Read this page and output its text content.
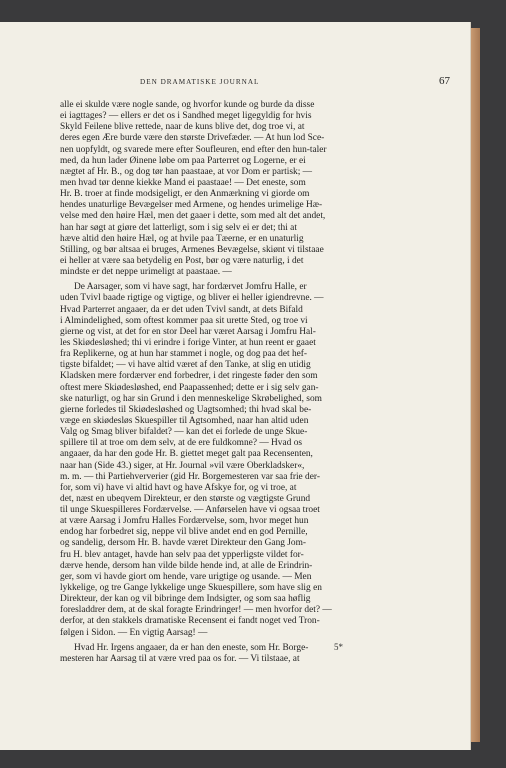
DEN DRAMATISKE JOURNAL	67
alle ei skulde være nogle sande, og hvorfor kunde og burde da disse
ei iagttages? — ellers er det os i Sandhed meget ligegyldig for hvis
Skyld Feilene blive rettede, naar de kuns blive det, dog troe vi, at
deres egen Ære burde være den største Drivefæder. — At hun lod Sce-
nen uopfyldt, og svarede mere efter Soufleuren, end efter den hun-taler
med, da hun lader Øinene løbe om paa Parterret og Logerne, er ei
nægtet af Hr. B., og dog tør han paastaae, at vor Dom er partisk; —
men hvad tør denne kiekke Mand ei paastaae! — Det eneste, som
Hr. B. troer at finde modsigeligt, er den Anmærkning vi giorde om
hendes unaturlige Bevægelser med Armene, og hendes urimelige Hæ-
velse med den høire Hæl, men det gaaer i dette, som med alt det andet,
han har søgt at giøre det latterligt, som i sig selv ei er det; thi at
hæve altid den høire Hæl, og at hvile paa Tæerne, er en unaturlig
Stilling, og bør altsaa ei bruges, Armenes Bevægelse, skiønt vi tilstaae
ei heller at være saa betydelig en Post, bør og være naturlig, i det
mindste er det neppe urimeligt at paastaae. —
De Aarsager, som vi have sagt, har fordærvet Jomfru Halle, er
uden Tvivl baade rigtige og vigtige, og bliver ei heller igiendrevne. —
Hvad Parterret angaaer, da er det uden Tvivl sandt, at dets Bifald
i Almindelighed, som oftest kommer paa sit urette Sted, og troe vi
gierne og vist, at det for en stor Deel har været Aarsag i Jomfru Hal-
les Skiødesløshed; thi vi erindre i forige Vinter, at hun reent er gaaet
fra Replikerne, og at hun har stammet i nogle, og dog paa det hef-
tigste bifaldet; — vi have altid været af den Tanke, at slig en utidig
Kladsken mere fordærver end forbedrer, i det ringeste føder den som
oftest mere Skiødesløshed, end Paapassenhed; dette er i sig selv gan-
ske naturligt, og har sin Grund i den menneskelige Skrøbelighed, som
gierne forledes til Skiødesløshed og Uagtsomhed; thi hvad skal be-
væge en skiødesløs Skuespiller til Agtsomhed, naar han altid uden
Valg og Smag bliver bifaldet? — kan det ei forlede de unge Skue-
spillere til at troe om dem selv, at de ere fuldkomne? — Hvad os
angaaer, da har den gode Hr. B. giettet meget galt paa Recensenten,
naar han (Side 43.) siger, at Hr. Journal »vil være Oberkladsker«,
m. m. — thi Partiehververier (gid Hr. Borgemesteren var saa frie der-
for, som vi) have vi altid havt og have Afskye for, og vi troe, at
det, næst en ubeqvem Direkteur, er den største og vægtigste Grund
til unge Skuespilleres Fordærvelse. — Anførselen have vi ogsaa troet
at være Aarsag i Jomfru Halles Fordærvelse, som, hvor meget hun
endog har forbedret sig, neppe vil blive andet end en god Pernille,
og sandelig, dersom Hr. B. havde været Direkteur den Gang Jom-
fru H. blev antaget, havde han selv paa det ypperligste vildet for-
dærve hende, dersom han vilde bilde hende ind, at alle de Erindrin-
ger, som vi havde giort om hende, vare urigtige og usande. — Men
lykkelige, og tre Gange lykkelige unge Skuespillere, som have slig en
Direkteur, der kan og vil bibringe dem Indsigter, og som saa høflig
foresladdrer dem, at de skal foragte Erindringer! — men hvorfor det? —
derfor, at den stakkels dramatiske Recensent ei fandt noget ved Tron-
følgen i Sidon. — En vigtig Aarsag! —
Hvad Hr. Irgens angaaer, da er han den eneste, som Hr. Borge-
mesteren har Aarsag til at være vred paa os for. — Vi tilstaae, at
5*
